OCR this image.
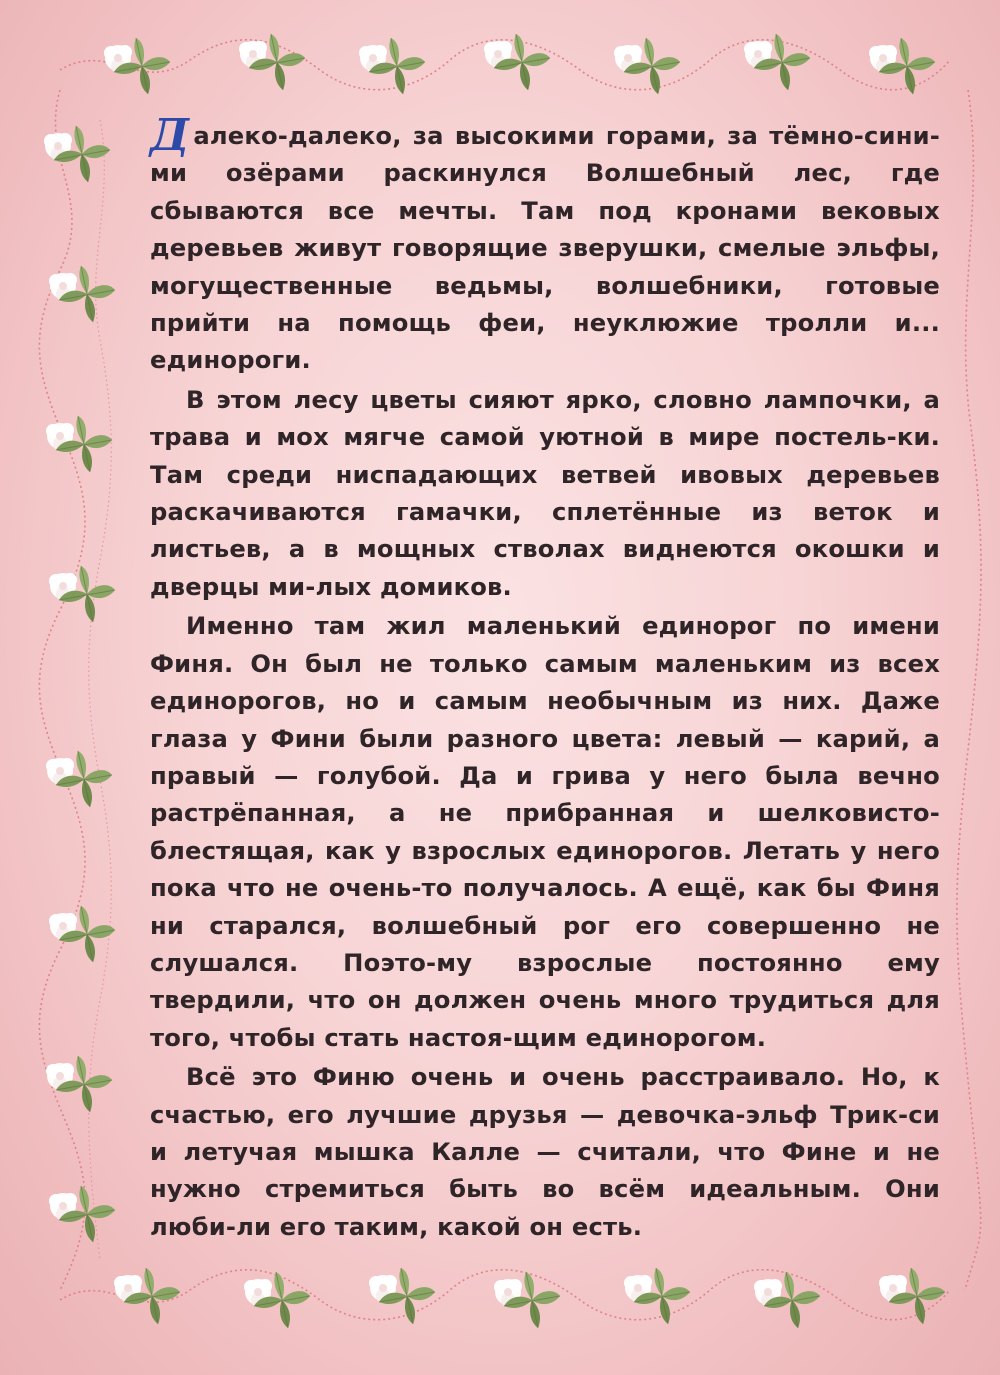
Далеко-далеко, за высокими горами, за тёмно-сини-ми озёрами раскинулся Волшебный лес, где сбываются все мечты. Там под кронами вековых деревьев живут говорящие зверушки, смелые эльфы, могущественные ведьмы, волшебники, готовые прийти на помощь феи, неуклюжие тролли и... единороги.

В этом лесу цветы сияют ярко, словно лампочки, а трава и мох мягче самой уютной в мире постель-ки. Там среди ниспадающих ветвей ивовых деревьев раскачиваются гамачки, сплетённые из веток и листьев, а в мощных стволах виднеются окошки и дверцы ми-лых домиков.

Именно там жил маленький единорог по имени Финя. Он был не только самым маленьким из всех единорогов, но и самым необычным из них. Даже глаза у Фини были разного цвета: левый — карий, а правый — голубой. Да и грива у него была вечно растрёпанная, а не прибранная и шелковисто-блестящая, как у взрослых единорогов. Летать у него пока что не очень-то получалось. А ещё, как бы Финя ни старался, волшебный рог его совершенно не слушался. Поэто-му взрослые постоянно ему твердили, что он должен очень много трудиться для того, чтобы стать настоя-щим единорогом.

Всё это Финю очень и очень расстраивало. Но, к счастью, его лучшие друзья — девочка-эльф Трик-си и летучая мышка Калле — считали, что Фине и не нужно стремиться быть во всём идеальным. Они люби-ли его таким, какой он есть.
